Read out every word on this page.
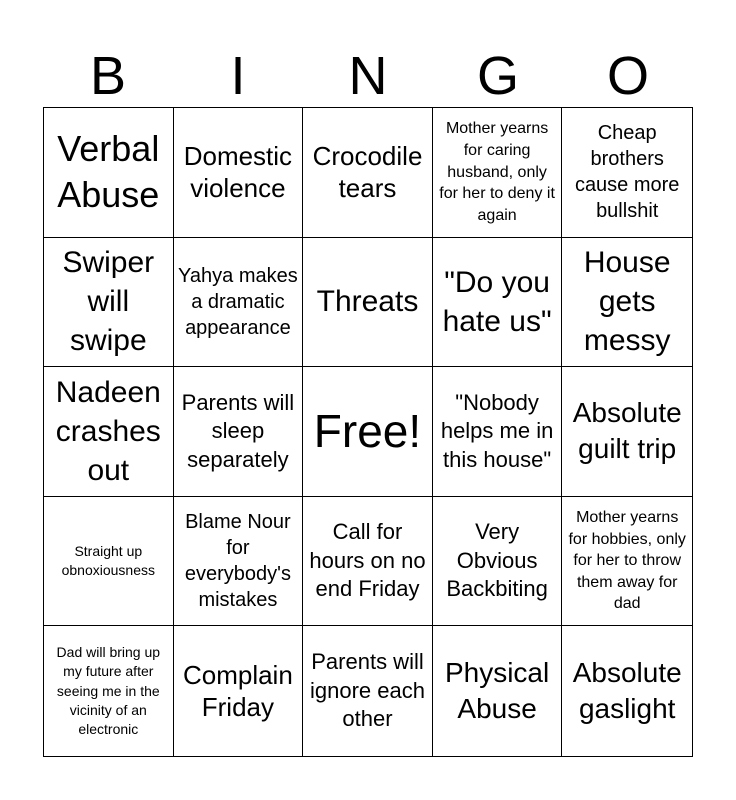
B	I	N	G	O
Verbal Abuse
Domestic violence
Crocodile tears
Mother yearns for caring husband, only for her to deny it again
Cheap brothers cause more bullshit
Swiper will swipe
Yahya makes a dramatic appearance
Threats
"Do you hate us"
House gets messy
Nadeen crashes out
Parents will sleep separately
Free!
"Nobody helps me in this house"
Absolute guilt trip
Straight up obnoxiousness
Blame Nour for everybody's mistakes
Call for hours on no end Friday
Very Obvious Backbiting
Mother yearns for hobbies, only for her to throw them away for dad
Dad will bring up my future after seeing me in the vicinity of an electronic
Complain Friday
Parents will ignore each other
Physical Abuse
Absolute gaslight
